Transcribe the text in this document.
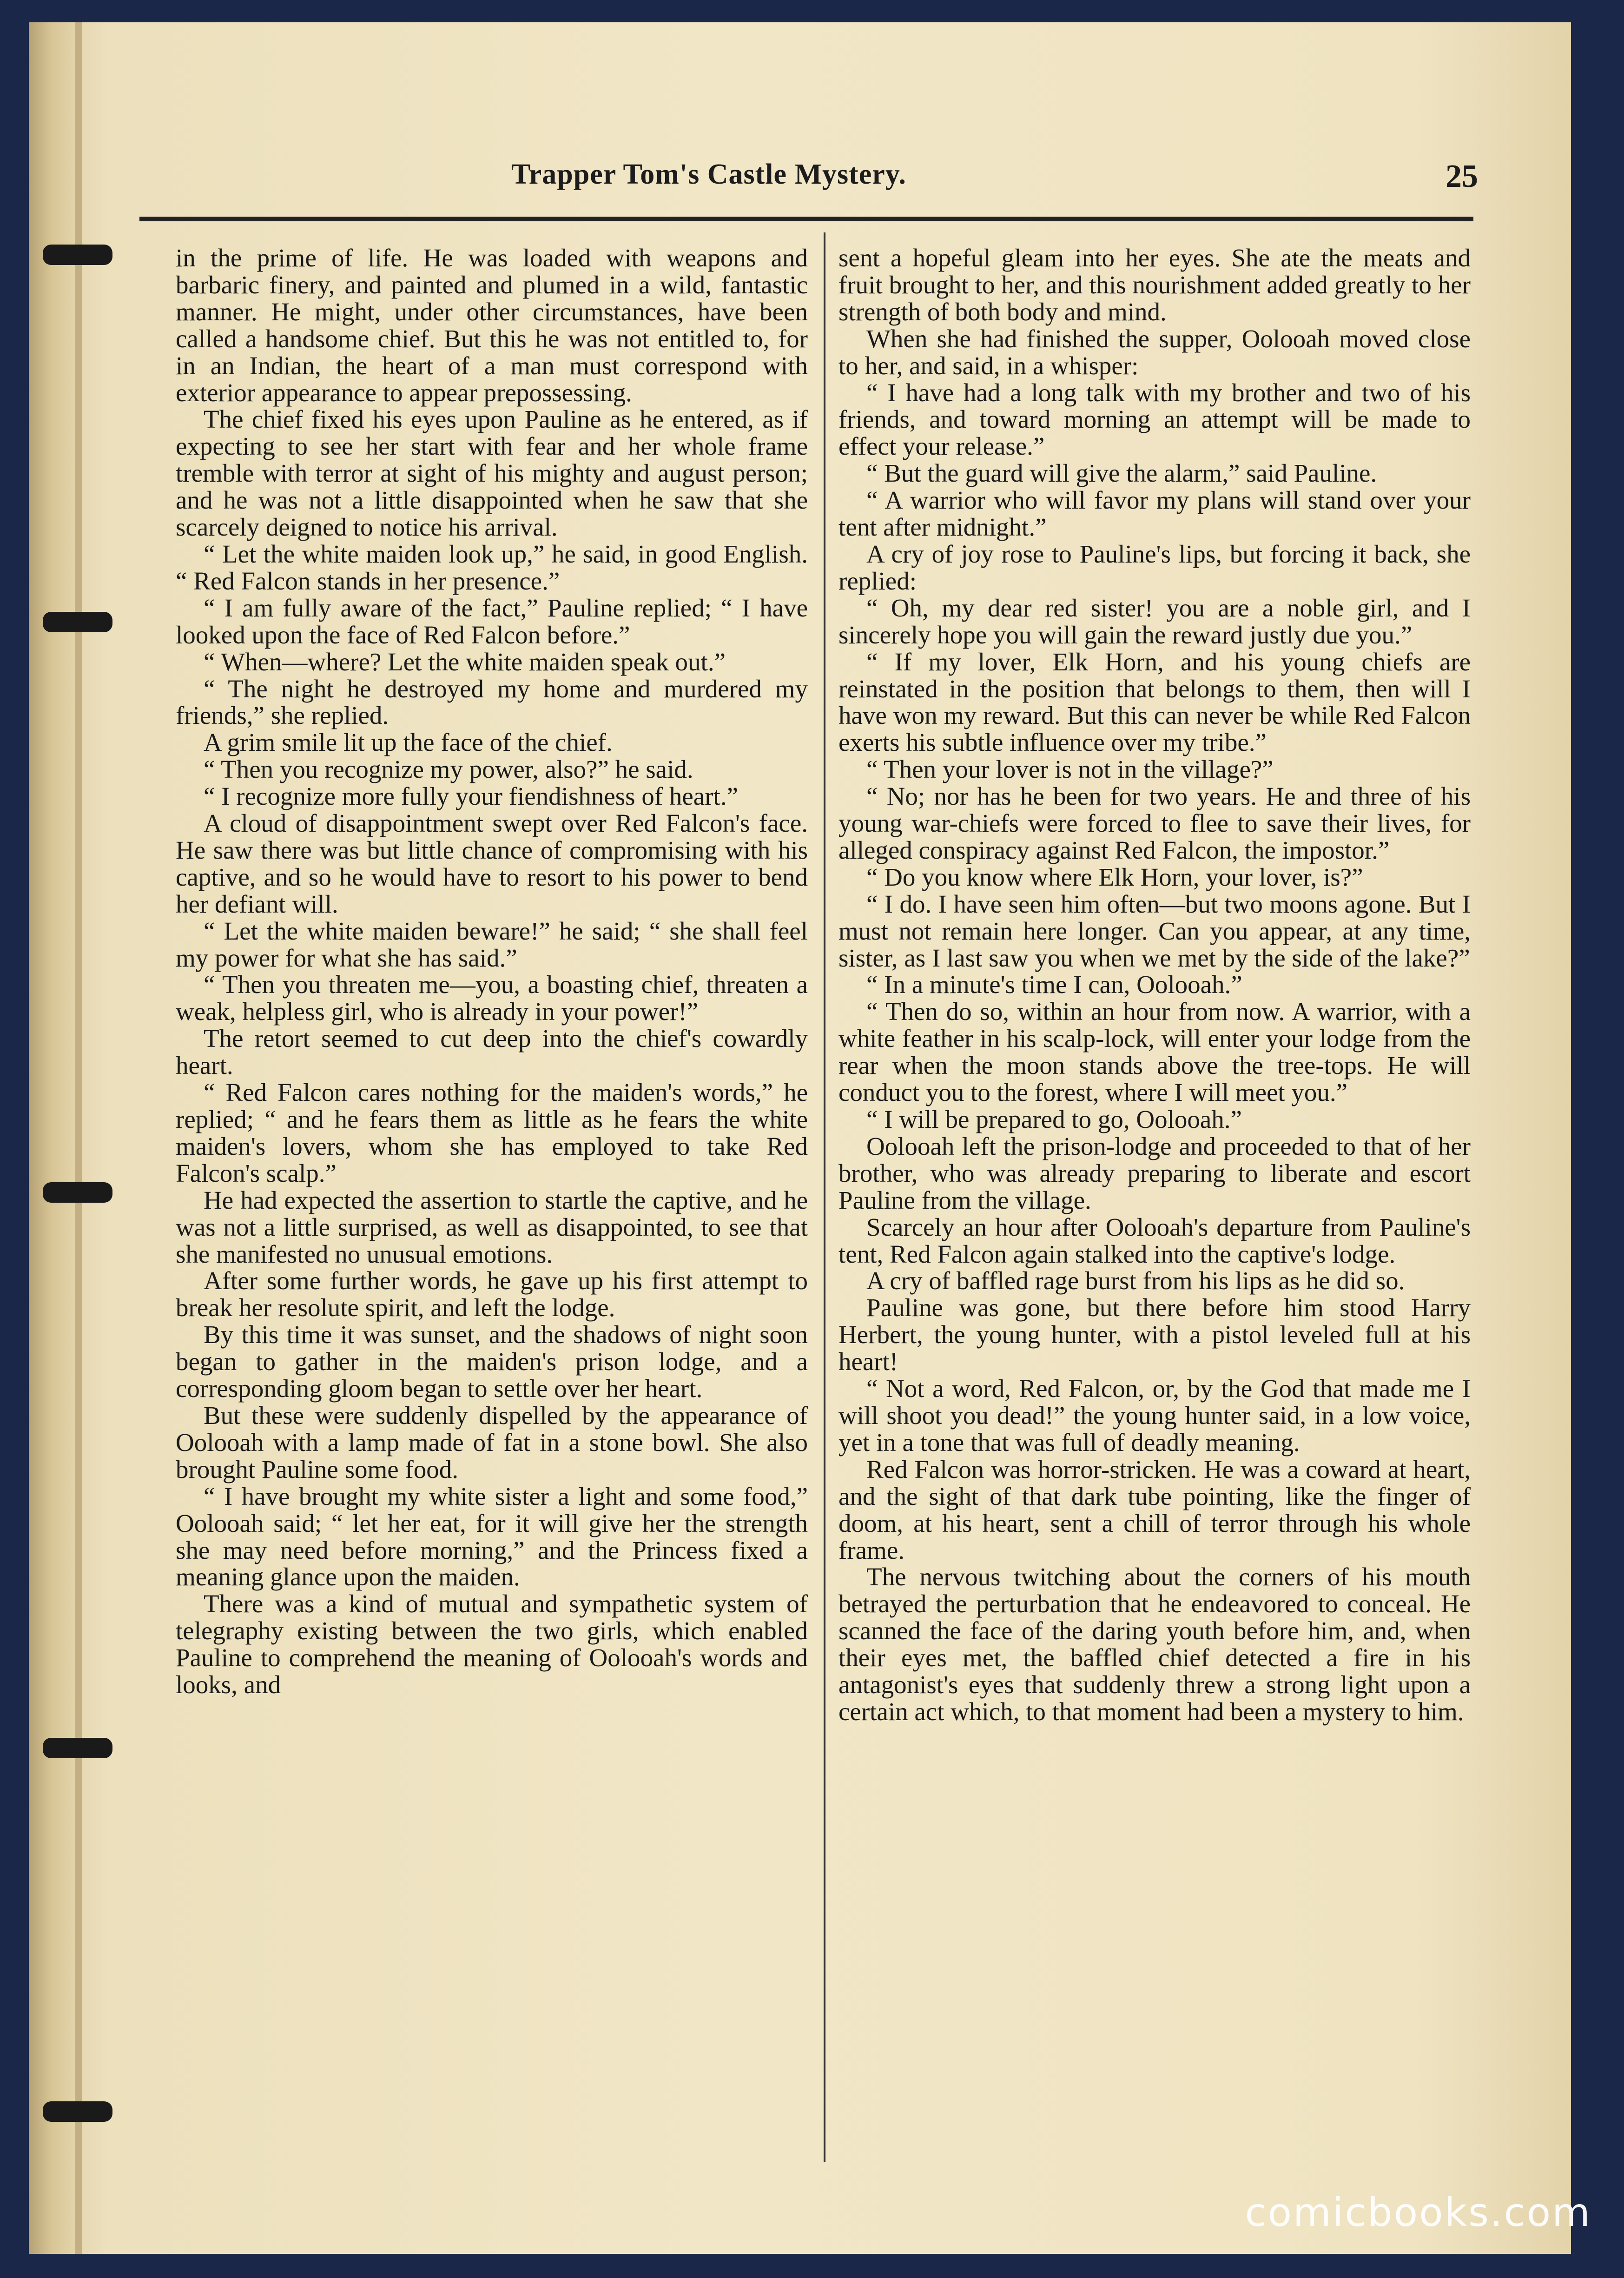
Trapper Tom's Castle Mystery.	25

in the prime of life. He was loaded with weapons and barbaric finery, and painted and plumed in a wild, fantastic manner. He might, under other circumstances, have been called a handsome chief. But this he was not entitled to, for in an Indian, the heart of a man must correspond with exterior appearance to appear prepossessing.

The chief fixed his eyes upon Pauline as he entered, as if expecting to see her start with fear and her whole frame tremble with terror at sight of his mighty and august person; and he was not a little disappointed when he saw that she scarcely deigned to notice his arrival.

“ Let the white maiden look up,” he said, in good English. “ Red Falcon stands in her presence.”

“ I am fully aware of the fact,” Pauline replied; “ I have looked upon the face of Red Falcon before.”

“ When—where? Let the white maiden speak out.”

“ The night he destroyed my home and murdered my friends,” she replied.

A grim smile lit up the face of the chief.

“ Then you recognize my power, also?” he said.

“ I recognize more fully your fiendishness of heart.”

A cloud of disappointment swept over Red Falcon's face. He saw there was but little chance of compromising with his captive, and so he would have to resort to his power to bend her defiant will.

“ Let the white maiden beware!” he said; “ she shall feel my power for what she has said.”

“ Then you threaten me—you, a boasting chief, threaten a weak, helpless girl, who is already in your power!”

The retort seemed to cut deep into the chief's cowardly heart.

“ Red Falcon cares nothing for the maiden's words,” he replied; “ and he fears them as little as he fears the white maiden's lovers, whom she has employed to take Red Falcon's scalp.”

He had expected the assertion to startle the captive, and he was not a little surprised, as well as disappointed, to see that she manifested no unusual emotions.

After some further words, he gave up his first attempt to break her resolute spirit, and left the lodge.

By this time it was sunset, and the shadows of night soon began to gather in the maiden's prison lodge, and a corresponding gloom began to settle over her heart.

But these were suddenly dispelled by the appearance of Oolooah with a lamp made of fat in a stone bowl. She also brought Pauline some food.

“ I have brought my white sister a light and some food,” Oolooah said; “ let her eat, for it will give her the strength she may need before morning,” and the Princess fixed a meaning glance upon the maiden.

There was a kind of mutual and sympathetic system of telegraphy existing between the two girls, which enabled Pauline to comprehend the meaning of Oolooah's words and looks, and

sent a hopeful gleam into her eyes. She ate the meats and fruit brought to her, and this nourishment added greatly to her strength of both body and mind.

When she had finished the supper, Oolooah moved close to her, and said, in a whisper:

“ I have had a long talk with my brother and two of his friends, and toward morning an attempt will be made to effect your release.”

“ But the guard will give the alarm,” said Pauline.

“ A warrior who will favor my plans will stand over your tent after midnight.”

A cry of joy rose to Pauline's lips, but forcing it back, she replied:

“ Oh, my dear red sister! you are a noble girl, and I sincerely hope you will gain the reward justly due you.”

“ If my lover, Elk Horn, and his young chiefs are reinstated in the position that belongs to them, then will I have won my reward. But this can never be while Red Falcon exerts his subtle influence over my tribe.”

“ Then your lover is not in the village?”

“ No; nor has he been for two years. He and three of his young war-chiefs were forced to flee to save their lives, for alleged conspiracy against Red Falcon, the impostor.”

“ Do you know where Elk Horn, your lover, is?”

“ I do. I have seen him often—but two moons agone. But I must not remain here longer. Can you appear, at any time, sister, as I last saw you when we met by the side of the lake?”

“ In a minute's time I can, Oolooah.”

“ Then do so, within an hour from now. A warrior, with a white feather in his scalp-lock, will enter your lodge from the rear when the moon stands above the tree-tops. He will conduct you to the forest, where I will meet you.”

“ I will be prepared to go, Oolooah.”

Oolooah left the prison-lodge and proceeded to that of her brother, who was already preparing to liberate and escort Pauline from the village.

Scarcely an hour after Oolooah's departure from Pauline's tent, Red Falcon again stalked into the captive's lodge.

A cry of baffled rage burst from his lips as he did so.

Pauline was gone, but there before him stood Harry Herbert, the young hunter, with a pistol leveled full at his heart!

“ Not a word, Red Falcon, or, by the God that made me I will shoot you dead!” the young hunter said, in a low voice, yet in a tone that was full of deadly meaning.

Red Falcon was horror-stricken. He was a coward at heart, and the sight of that dark tube pointing, like the finger of doom, at his heart, sent a chill of terror through his whole frame.

The nervous twitching about the corners of his mouth betrayed the perturbation that he endeavored to conceal. He scanned the face of the daring youth before him, and, when their eyes met, the baffled chief detected a fire in his antagonist's eyes that suddenly threw a strong light upon a certain act which, to that moment had been a mystery to him.

comicbooks.com
